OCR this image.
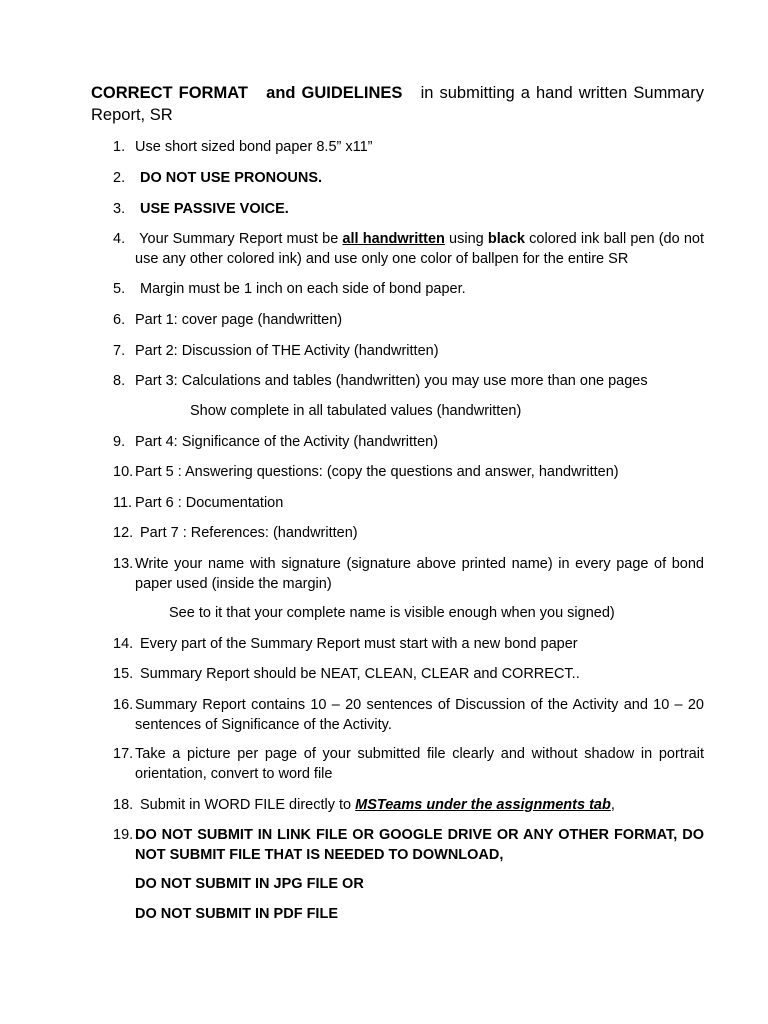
CORRECT FORMAT and GUIDELINES in submitting a hand written Summary Report, SR
1. Use short sized bond paper 8.5” x11”
2. DO NOT USE PRONOUNS.
3. USE PASSIVE VOICE.
4. Your Summary Report must be all handwritten using black colored ink ball pen (do not use any other colored ink) and use only one color of ballpen for the entire SR
5. Margin must be 1 inch on each side of bond paper.
6. Part 1: cover page (handwritten)
7. Part 2: Discussion of THE Activity (handwritten)
8. Part 3: Calculations and tables (handwritten) you may use more than one pages
Show complete in all tabulated values (handwritten)
9. Part 4: Significance of the Activity (handwritten)
10. Part 5 : Answering questions: (copy the questions and answer, handwritten)
11. Part 6 : Documentation
12. Part 7 : References: (handwritten)
13. Write your name with signature (signature above printed name) in every page of bond paper used (inside the margin)
See to it that your complete name is visible enough when you signed)
14. Every part of the Summary Report must start with a new bond paper
15. Summary Report should be NEAT, CLEAN, CLEAR and CORRECT..
16. Summary Report contains 10 – 20 sentences of Discussion of the Activity and 10 – 20 sentences of Significance of the Activity.
17. Take a picture per page of your submitted file clearly and without shadow in portrait orientation, convert to word file
18. Submit in WORD FILE directly to MSTeams under the assignments tab,
19. DO NOT SUBMIT IN LINK FILE OR GOOGLE DRIVE OR ANY OTHER FORMAT, DO NOT SUBMIT FILE THAT IS NEEDED TO DOWNLOAD,
DO NOT SUBMIT IN JPG FILE OR
DO NOT SUBMIT IN PDF FILE
